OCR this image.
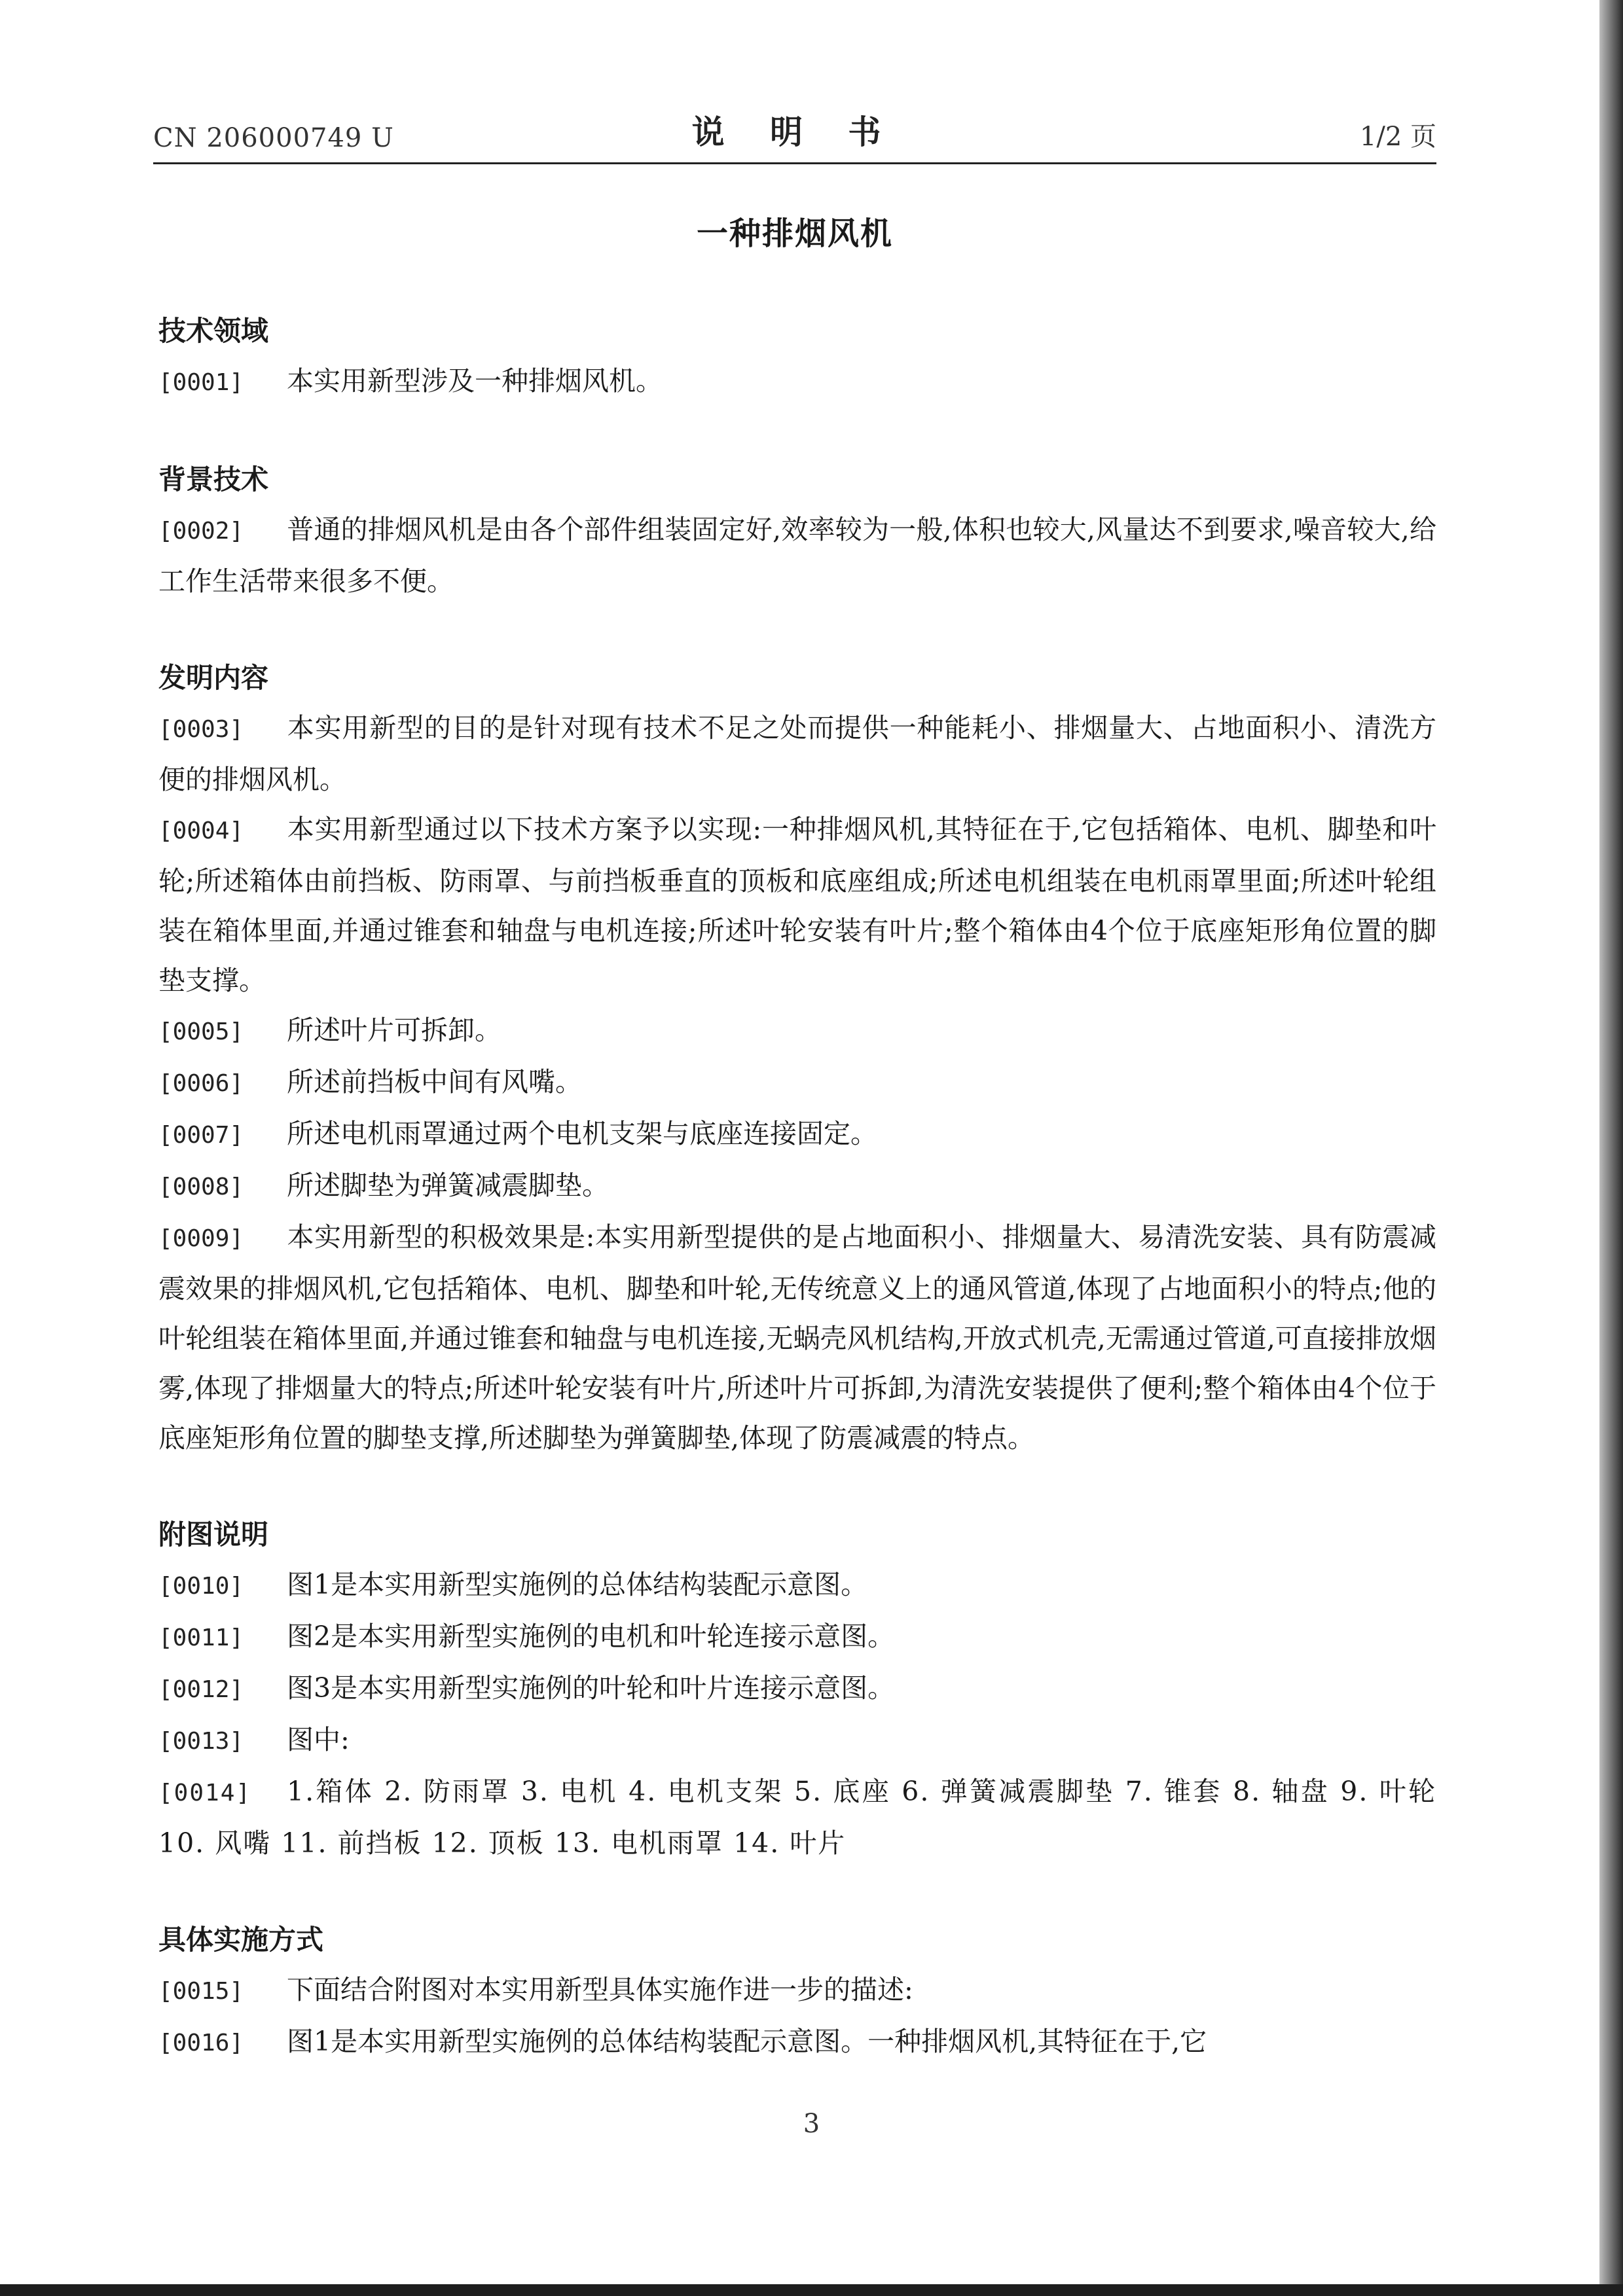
CN 206000749 U	说 明 书	1/2 页
一种排烟风机
技术领域

[0001] 本实用新型涉及一种排烟风机。

背景技术

[0002] 普通的排烟风机是由各个部件组装固定好,效率较为一般,体积也较大,风量达不到要求,噪音较大,给工作生活带来很多不便。

发明内容

[0003] 本实用新型的目的是针对现有技术不足之处而提供一种能耗小、排烟量大、占地面积小、清洗方便的排烟风机。

[0004] 本实用新型通过以下技术方案予以实现:一种排烟风机,其特征在于,它包括箱体、电机、脚垫和叶轮;所述箱体由前挡板、防雨罩、与前挡板垂直的顶板和底座组成;所述电机组装在电机雨罩里面;所述叶轮组装在箱体里面,并通过锥套和轴盘与电机连接;所述叶轮安装有叶片;整个箱体由4个位于底座矩形角位置的脚垫支撑。

[0005] 所述叶片可拆卸。

[0006] 所述前挡板中间有风嘴。

[0007] 所述电机雨罩通过两个电机支架与底座连接固定。

[0008] 所述脚垫为弹簧减震脚垫。

[0009] 本实用新型的积极效果是:本实用新型提供的是占地面积小、排烟量大、易清洗安装、具有防震减震效果的排烟风机,它包括箱体、电机、脚垫和叶轮,无传统意义上的通风管道,体现了占地面积小的特点;他的叶轮组装在箱体里面,并通过锥套和轴盘与电机连接,无蜗壳风机结构,开放式机壳,无需通过管道,可直接排放烟雾,体现了排烟量大的特点;所述叶轮安装有叶片,所述叶片可拆卸,为清洗安装提供了便利;整个箱体由4个位于底座矩形角位置的脚垫支撑,所述脚垫为弹簧脚垫,体现了防震减震的特点。

附图说明

[0010] 图1是本实用新型实施例的总体结构装配示意图。

[0011] 图2是本实用新型实施例的电机和叶轮连接示意图。

[0012] 图3是本实用新型实施例的叶轮和叶片连接示意图。

[0013] 图中:

[0014] 1.箱体 2. 防雨罩 3. 电机 4. 电机支架 5. 底座 6. 弹簧减震脚垫 7. 锥套 8. 轴盘 9. 叶轮 10. 风嘴 11. 前挡板 12. 顶板 13. 电机雨罩 14. 叶片

具体实施方式

[0015] 下面结合附图对本实用新型具体实施作进一步的描述:

[0016] 图1是本实用新型实施例的总体结构装配示意图。一种排烟风机,其特征在于,它

3
